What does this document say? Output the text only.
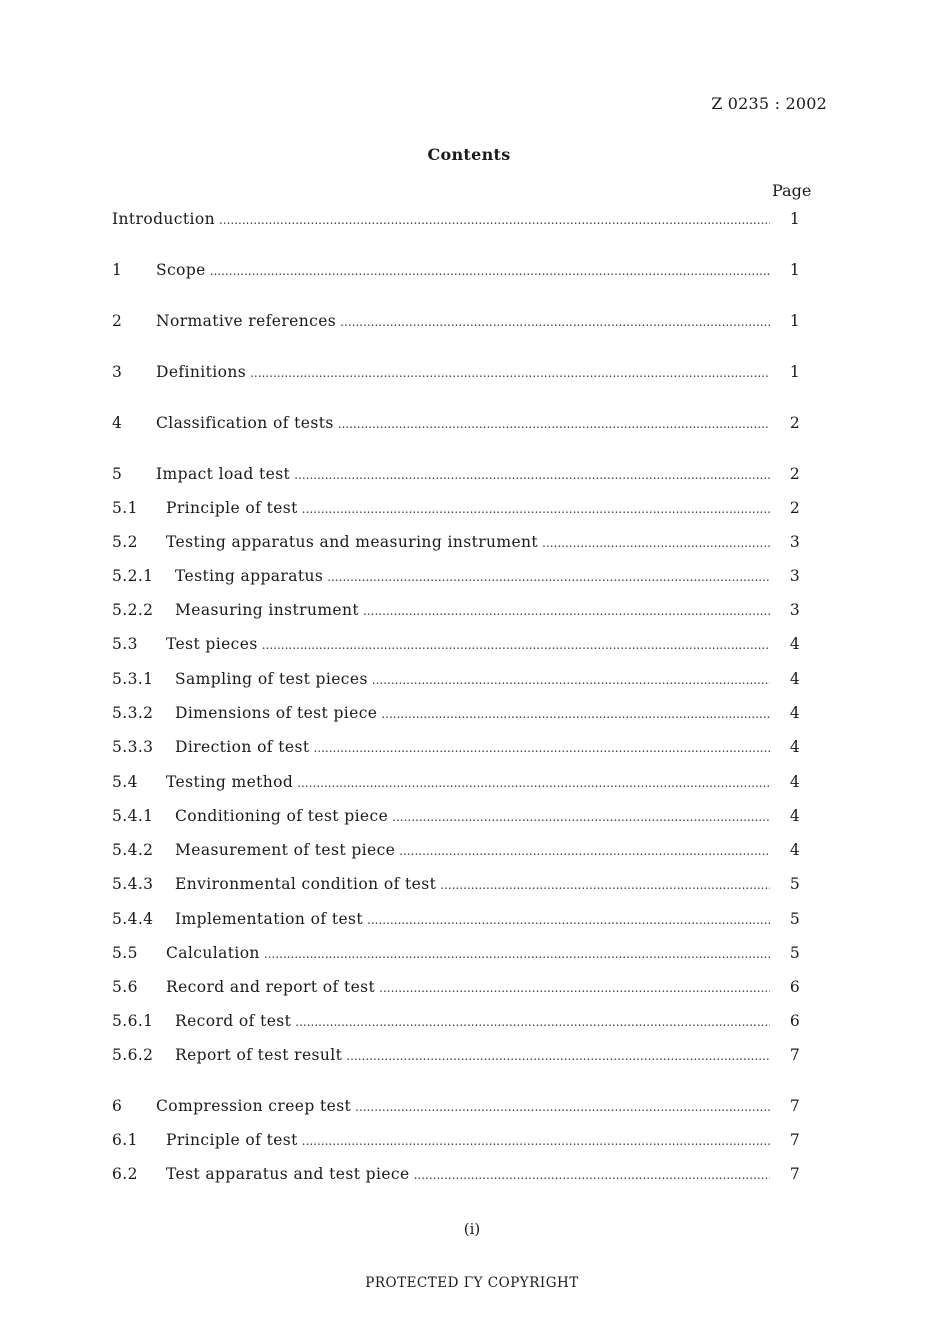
Z 0235 : 2002
Contents
Page
Introduction .....	1
1	Scope .....	1
2	Normative references .....	1
3	Definitions .....	1
4	Classification of tests .....	2
5	Impact load test .....	2
5.1	Principle of test .....	2
5.2	Testing apparatus and measuring instrument .....	3
5.2.1	Testing apparatus .....	3
5.2.2	Measuring instrument .....	3
5.3	Test pieces .....	4
5.3.1	Sampling of test pieces .....	4
5.3.2	Dimensions of test piece .....	4
5.3.3	Direction of test .....	4
5.4	Testing method .....	4
5.4.1	Conditioning of test piece .....	4
5.4.2	Measurement of test piece .....	4
5.4.3	Environmental condition of test .....	5
5.4.4	Implementation of test .....	5
5.5	Calculation .....	5
5.6	Record and report of test .....	6
5.6.1	Record of test .....	6
5.6.2	Report of test result .....	7
6	Compression creep test .....	7
6.1	Principle of test .....	7
6.2	Test apparatus and test piece .....	7
(i)
PROTECTED ΓY COPYRIGHT
